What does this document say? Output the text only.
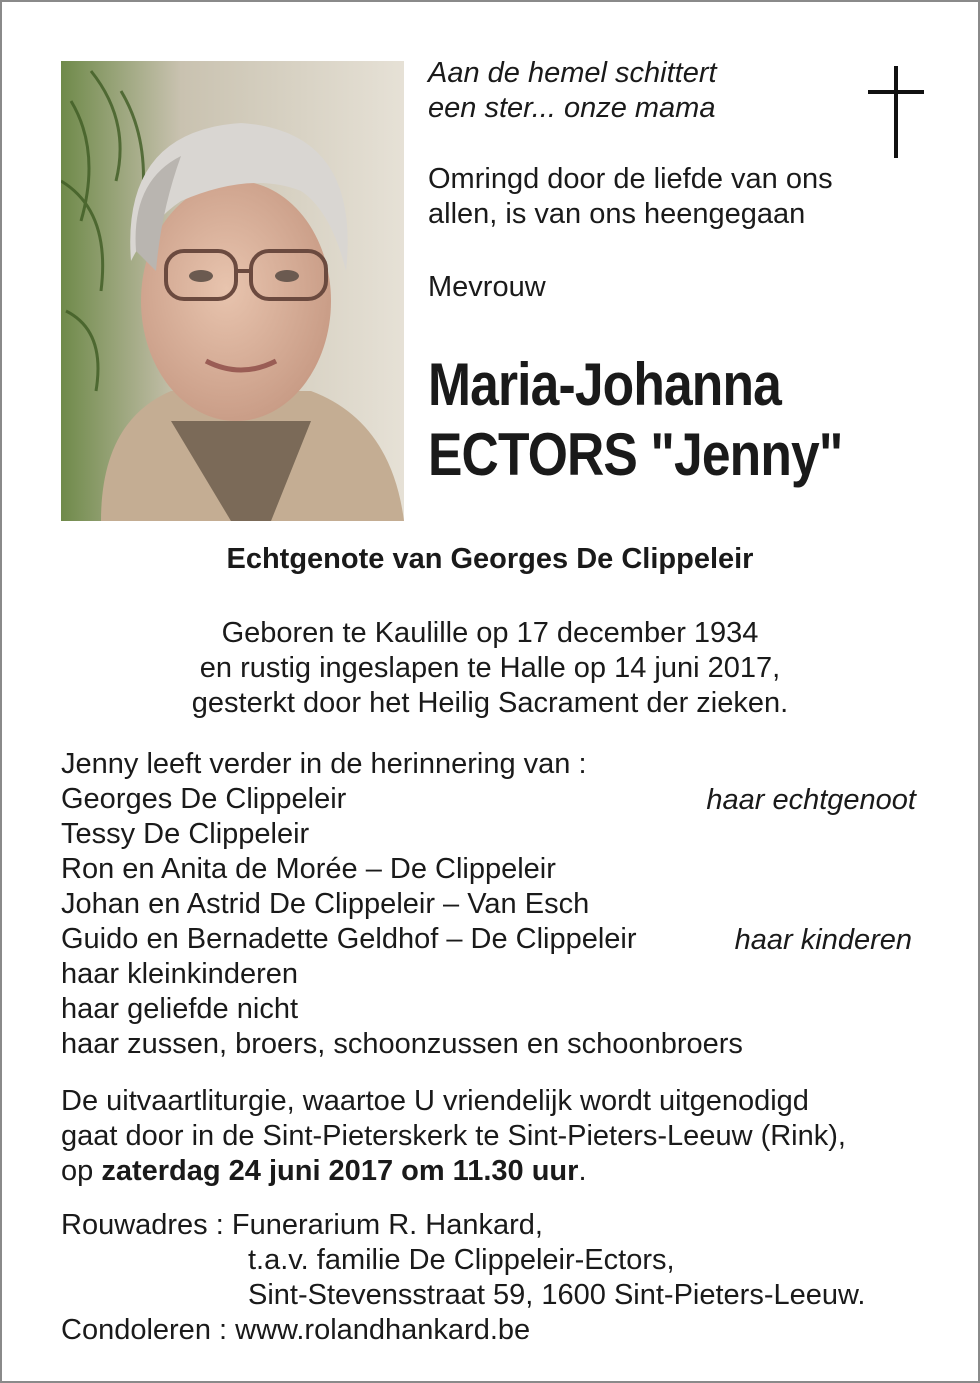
Aan de hemel schittert
een ster... onze mama
Omringd door de liefde van ons
allen, is van ons heengegaan
Mevrouw
Maria-Johanna
ECTORS "Jenny"
Echtgenote van Georges De Clippeleir
Geboren te Kaulille op 17 december 1934
en rustig ingeslapen te Halle op 14 juni 2017,
gesterkt door het Heilig Sacrament der zieken.
Jenny leeft verder in de herinnering van :
Georges De Clippeleir
Tessy De Clippeleir
Ron en Anita de Morée – De Clippeleir
Johan en Astrid De Clippeleir – Van Esch
Guido en Bernadette Geldhof – De Clippeleir
haar kleinkinderen
haar geliefde nicht
haar zussen, broers, schoonzussen en schoonbroers
haar echtgenoot
haar kinderen
De uitvaartliturgie, waartoe U vriendelijk wordt uitgenodigd
gaat door in de Sint-Pieterskerk te Sint-Pieters-Leeuw (Rink),
op zaterdag 24 juni 2017 om 11.30 uur.
Rouwadres : Funerarium R. Hankard,
t.a.v. familie De Clippeleir-Ectors,
Sint-Stevensstraat 59, 1600 Sint-Pieters-Leeuw.
Condoleren : www.rolandhankard.be
